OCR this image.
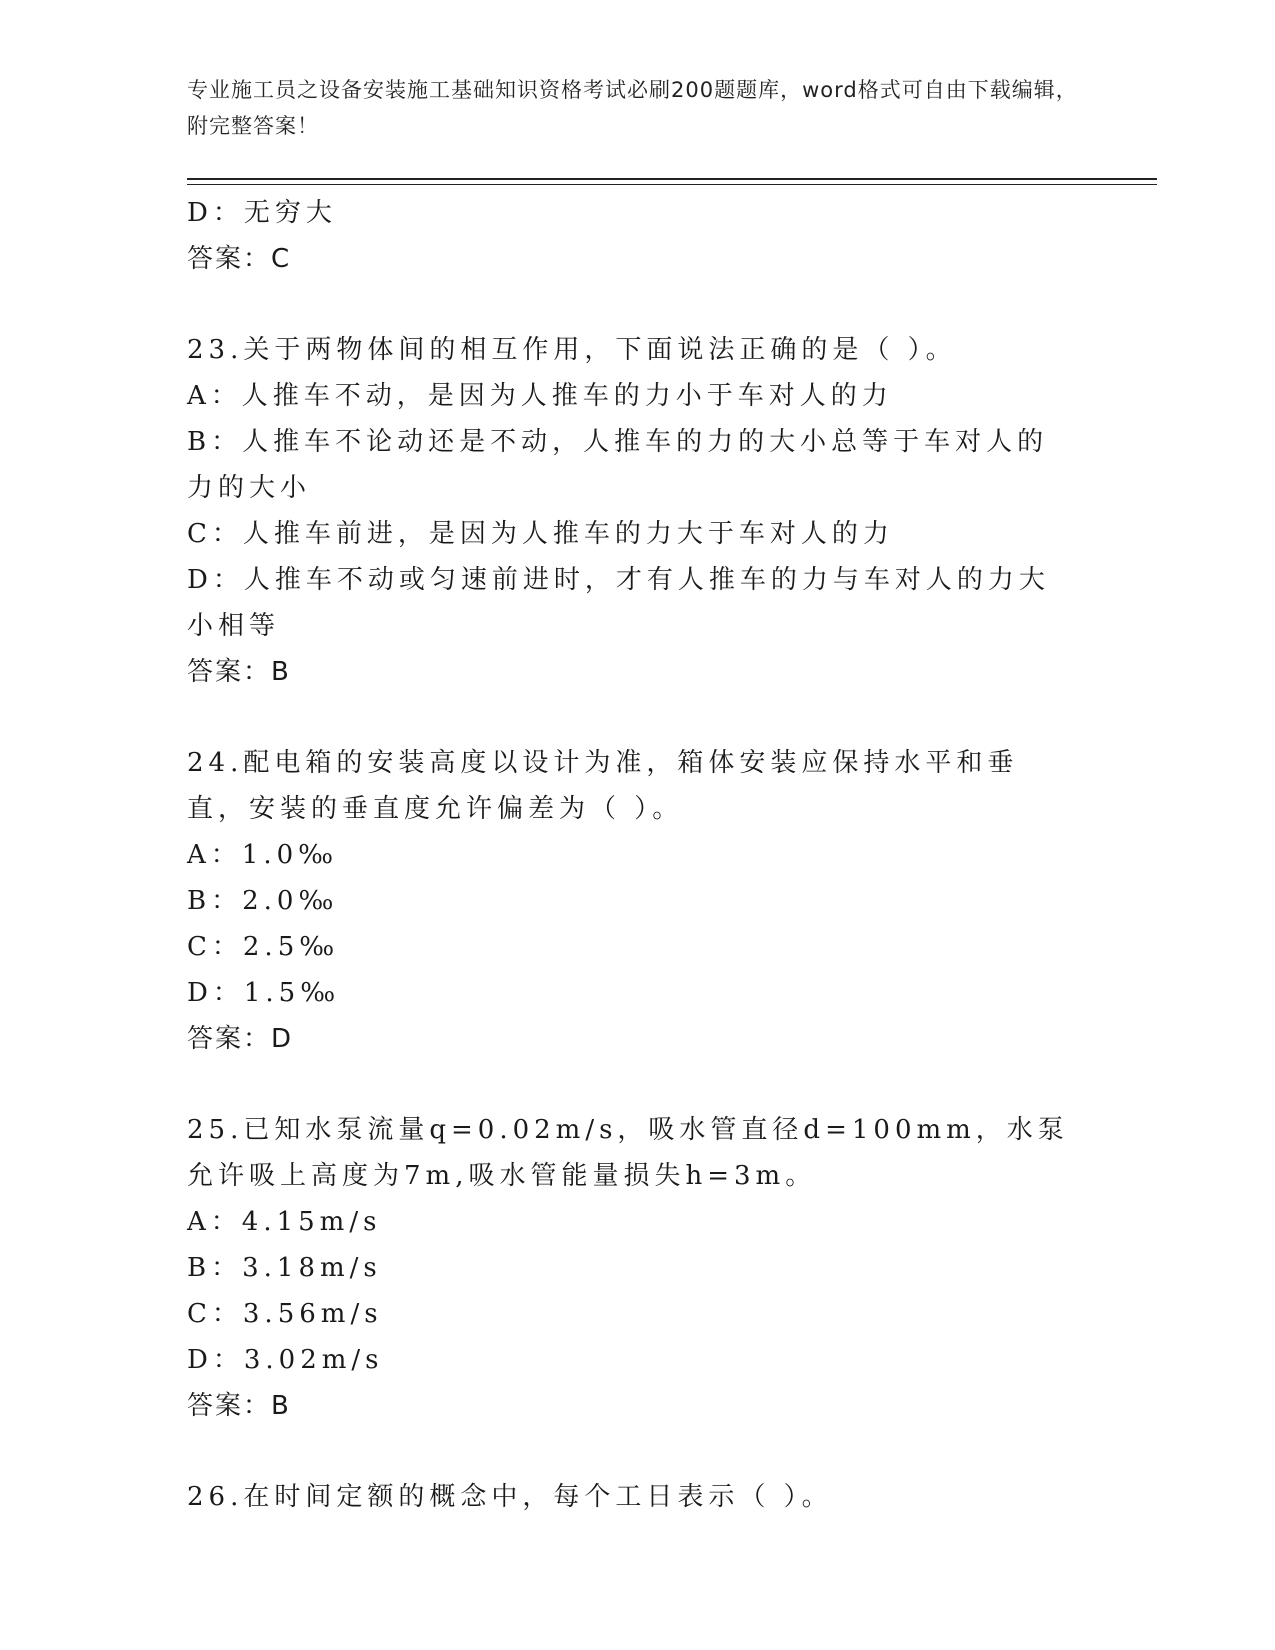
专业施工员之设备安装施工基础知识资格考试必刷200题题库，word格式可自由下载编辑，附完整答案！

D：无穷大

答案：C

23.关于两物体间的相互作用，下面说法正确的是（ ）。

A：人推车不动，是因为人推车的力小于车对人的力

B：人推车不论动还是不动，人推车的力的大小总等于车对人的力的大小

C：人推车前进，是因为人推车的力大于车对人的力

D：人推车不动或匀速前进时，才有人推车的力与车对人的力大小相等

答案：B

24.配电箱的安装高度以设计为准，箱体安装应保持水平和垂直，安装的垂直度允许偏差为（ ）。

A：1.0‰

B：2.0‰

C：2.5‰

D：1.5‰

答案：D

25.已知水泵流量q=0.02m/s，吸水管直径d=100mm，水泵允许吸上高度为7m,吸水管能量损失h=3m。

A：4.15m/s

B：3.18m/s

C：3.56m/s

D：3.02m/s

答案：B

26.在时间定额的概念中，每个工日表示（ ）。
